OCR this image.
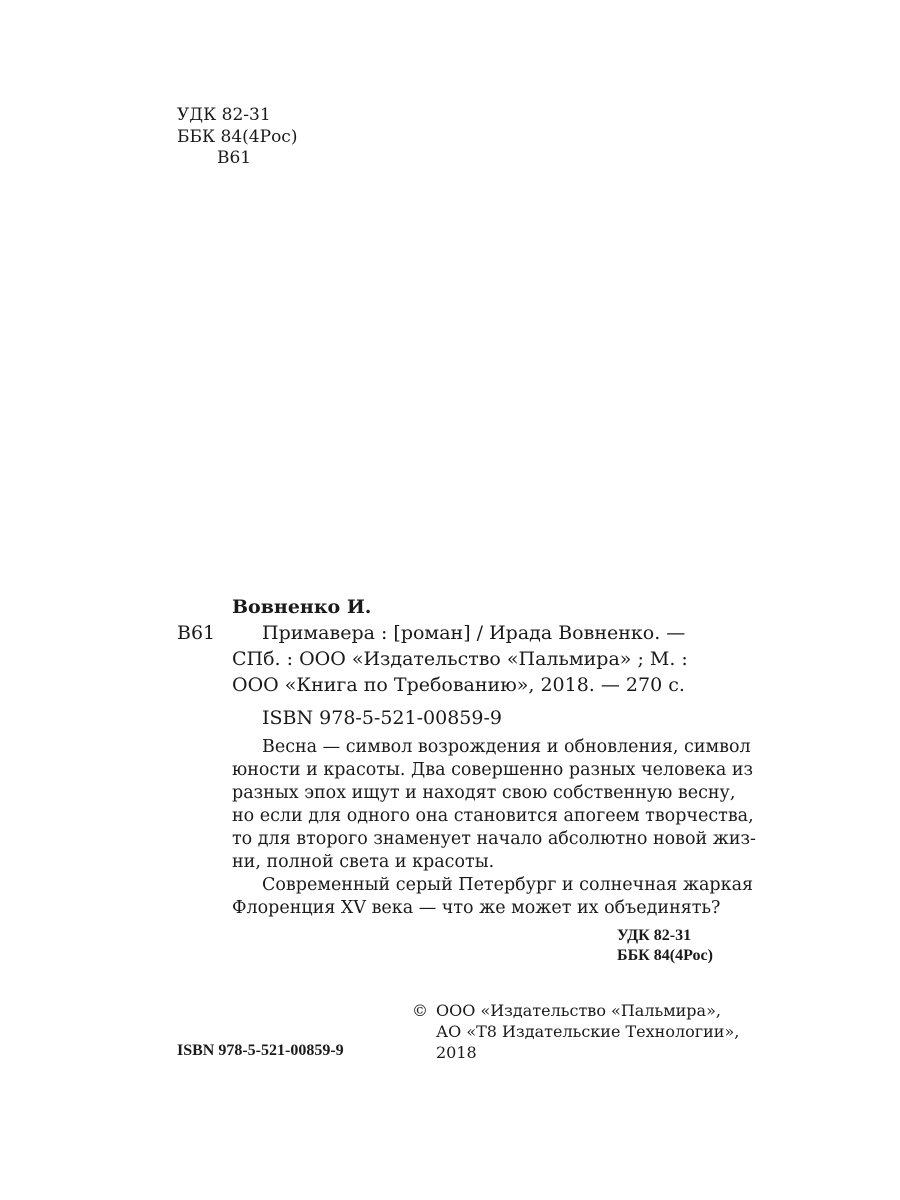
УДК 82-31
ББК 84(4Рос)
В61
Вовненко И.
В61 Примавера : [роман] / Ирада Вовненко. —
СПб. : ООО «Издательство «Пальмира» ; М. :
ООО «Книга по Требованию», 2018. — 270 с.
ISBN 978-5-521-00859-9
Весна — символ возрождения и обновления, символ
юности и красоты. Два совершенно разных человека из
разных эпох ищут и находят свою собственную весну,
но если для одного она становится апогеем творчества,
то для второго знаменует начало абсолютно новой жиз-
ни, полной света и красоты.
Современный серый Петербург и солнечная жаркая
Флоренция XV века — что же может их объединять?
УДК 82-31
ББК 84(4Рос)
ISBN 978-5-521-00859-9
© ООО «Издательство «Пальмира»,
АО «Т8 Издательские Технологии»,
2018
